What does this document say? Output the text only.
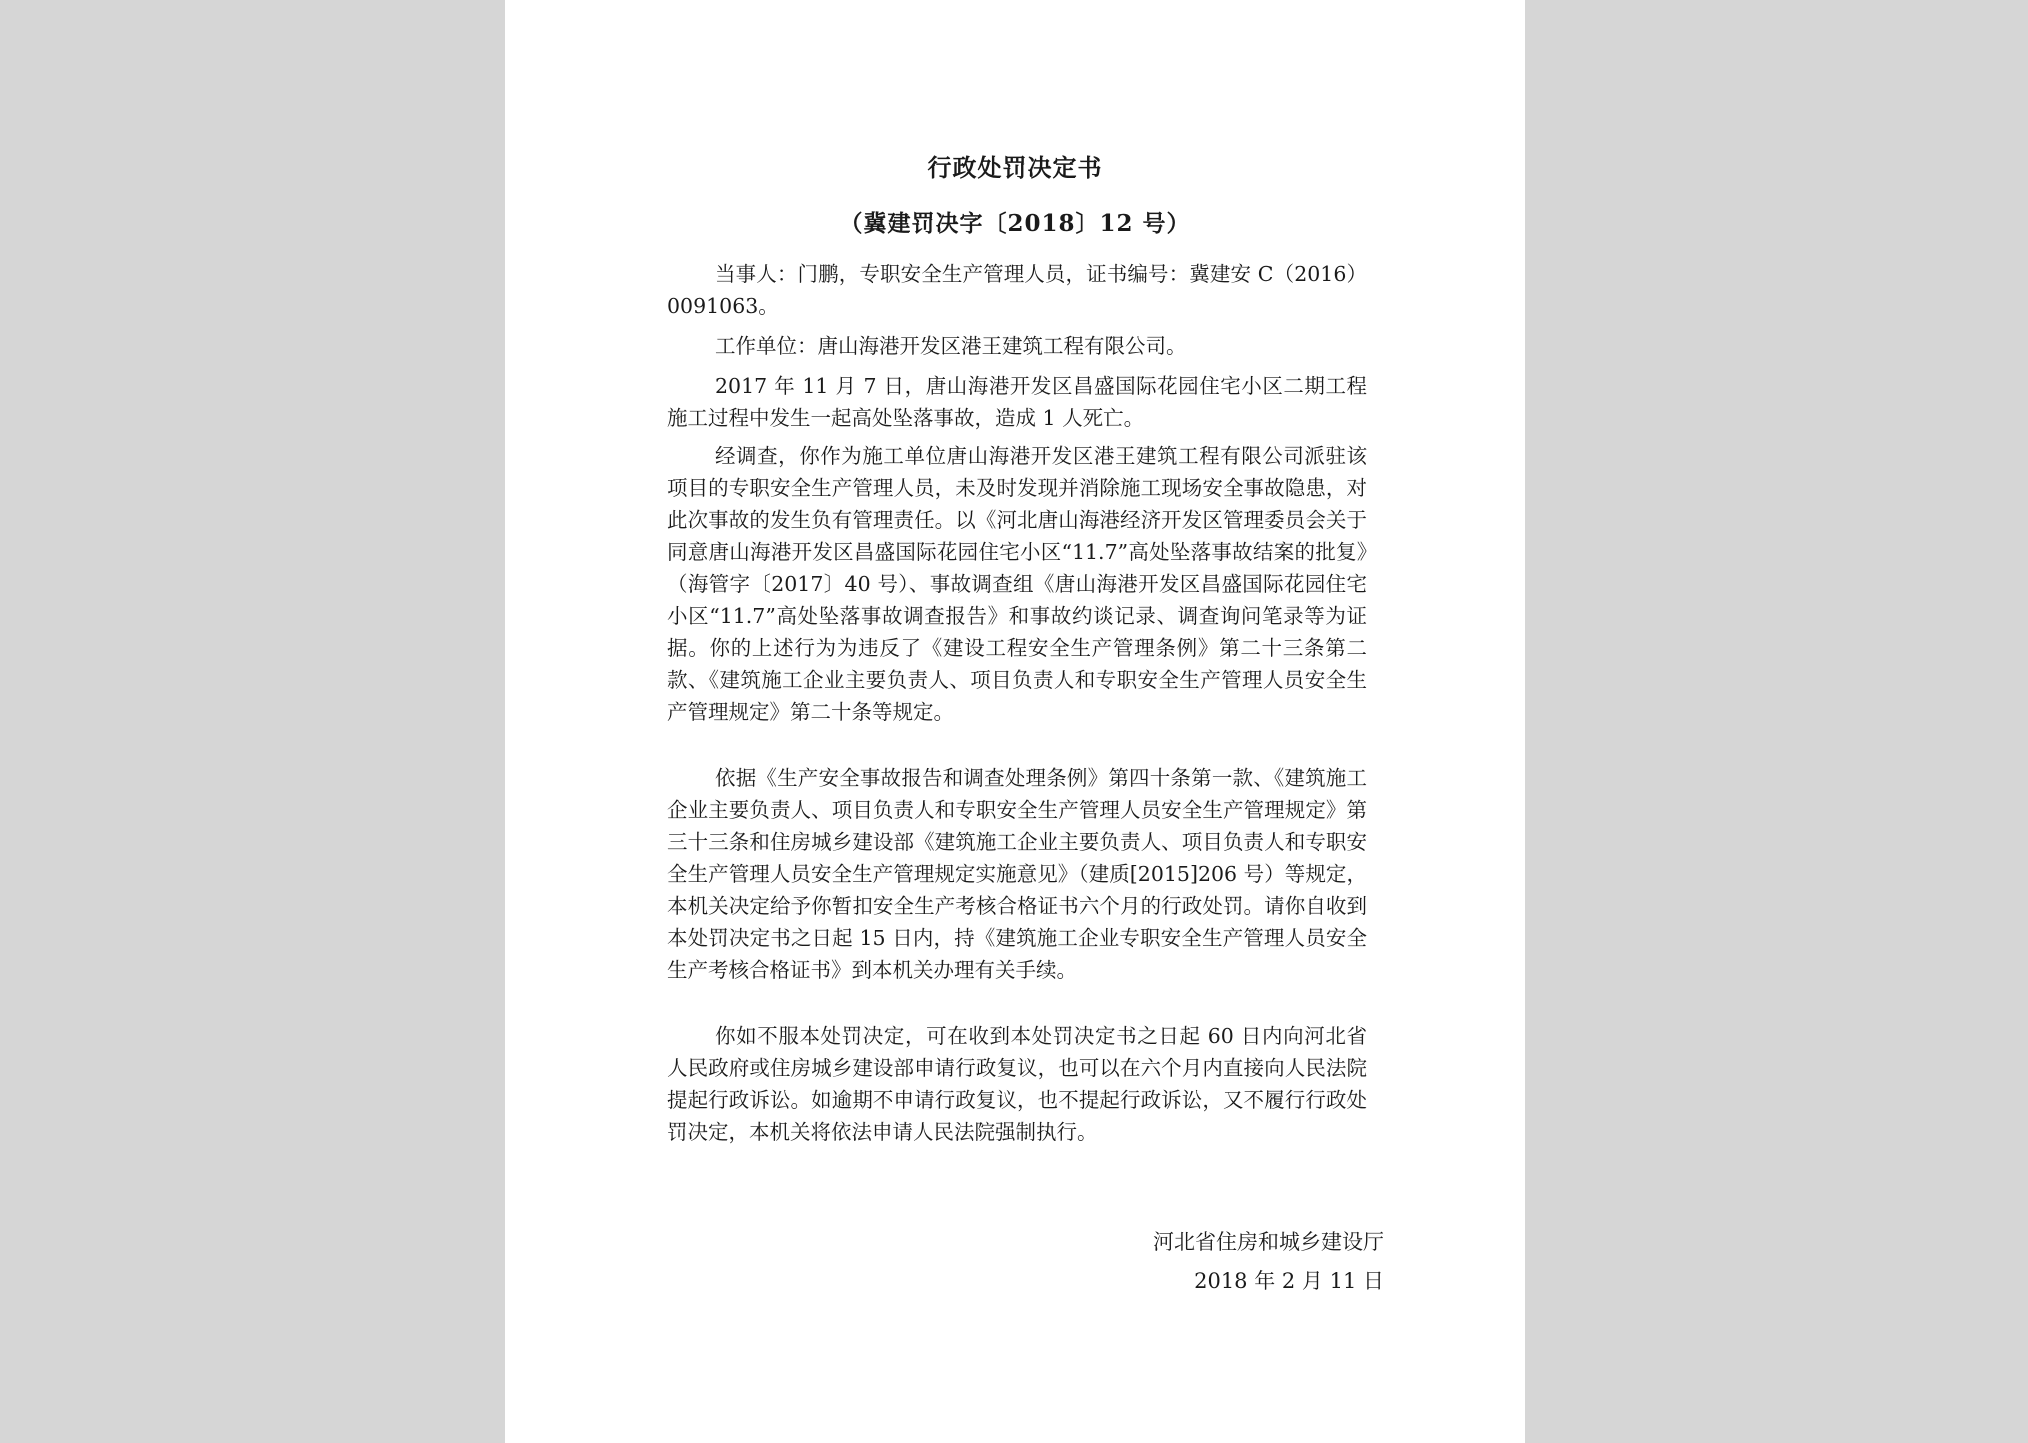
行政处罚决定书
（冀建罚决字〔2018〕12 号）
当事人：门鹏，专职安全生产管理人员，证书编号：冀建安 C（2016）0091063。
工作单位：唐山海港开发区港王建筑工程有限公司。
2017 年 11 月 7 日，唐山海港开发区昌盛国际花园住宅小区二期工程施工过程中发生一起高处坠落事故，造成 1 人死亡。
经调查，你作为施工单位唐山海港开发区港王建筑工程有限公司派驻该项目的专职安全生产管理人员，未及时发现并消除施工现场安全事故隐患，对此次事故的发生负有管理责任。以《河北唐山海港经济开发区管理委员会关于同意唐山海港开发区昌盛国际花园住宅小区“11.7”高处坠落事故结案的批复》（海管字〔2017〕40 号）、事故调查组《唐山海港开发区昌盛国际花园住宅小区“11.7”高处坠落事故调查报告》和事故约谈记录、调查询问笔录等为证据。你的上述行为为违反了《建设工程安全生产管理条例》第二十三条第二款、《建筑施工企业主要负责人、项目负责人和专职安全生产管理人员安全生产管理规定》第二十条等规定。
依据《生产安全事故报告和调查处理条例》第四十条第一款、《建筑施工企业主要负责人、项目负责人和专职安全生产管理人员安全生产管理规定》第三十三条和住房城乡建设部《建筑施工企业主要负责人、项目负责人和专职安全生产管理人员安全生产管理规定实施意见》（建质[2015]206 号）等规定，本机关决定给予你暂扣安全生产考核合格证书六个月的行政处罚。请你自收到本处罚决定书之日起 15 日内，持《建筑施工企业专职安全生产管理人员安全生产考核合格证书》到本机关办理有关手续。
你如不服本处罚决定，可在收到本处罚决定书之日起 60 日内向河北省人民政府或住房城乡建设部申请行政复议，也可以在六个月内直接向人民法院提起行政诉讼。如逾期不申请行政复议，也不提起行政诉讼，又不履行行政处罚决定，本机关将依法申请人民法院强制执行。
河北省住房和城乡建设厅
2018 年 2 月 11 日
